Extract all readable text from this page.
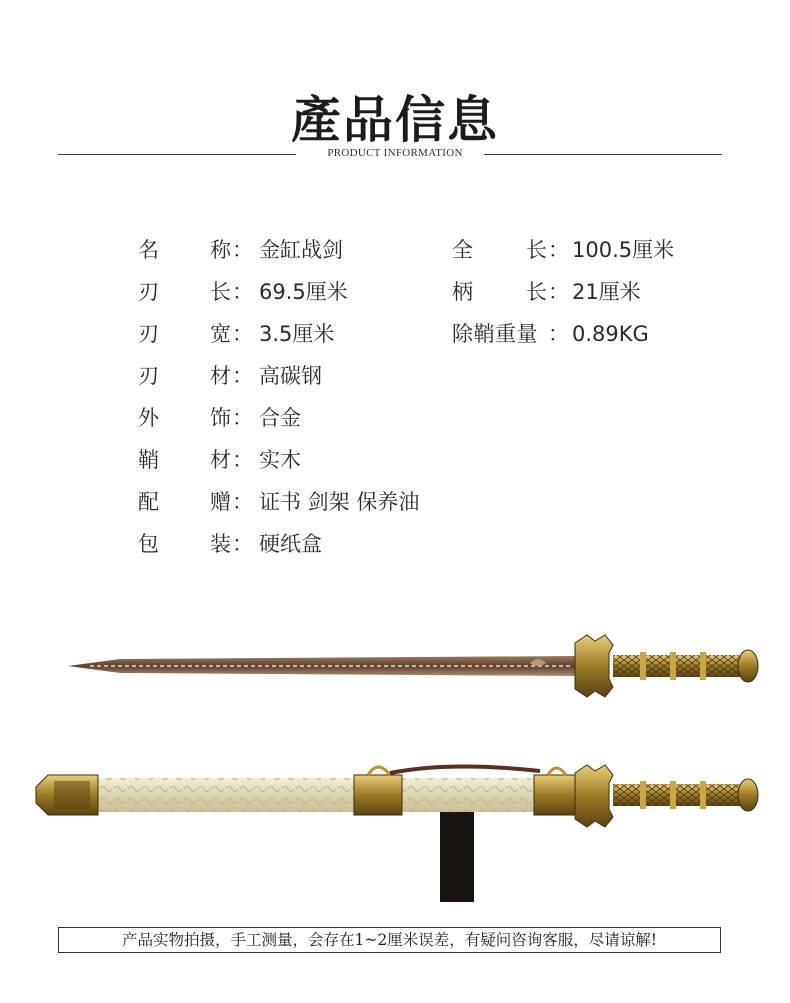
產品信息
PRODUCT INFORMATION
名 称 ： 金缸战剑
刃 长 ： 69.5厘米
刃 宽 ： 3.5厘米
刃 材 ： 高碳钢
外 饰 ： 合金
鞘 材 ： 实木
配 赠 ： 证书 剑架 保养油
包 装 ： 硬纸盒
全	长 ： 100.5厘米
柄	长 ： 21厘米
除鞘重量 ： 0.89KG
产品实物拍摄，手工测量，会存在1~2厘米误差，有疑问咨询客服，尽请谅解!
